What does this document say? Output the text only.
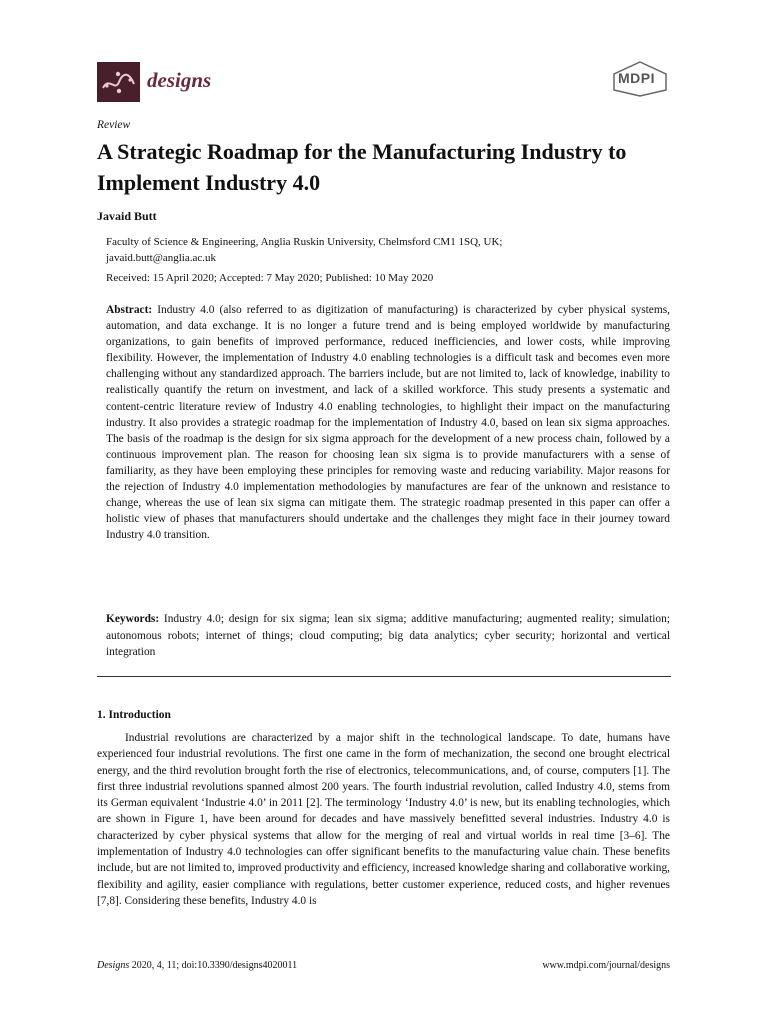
designs	MDPI
Review
A Strategic Roadmap for the Manufacturing Industry to Implement Industry 4.0
Javaid Butt
Faculty of Science & Engineering, Anglia Ruskin University, Chelmsford CM1 1SQ, UK;
javaid.butt@anglia.ac.uk
Received: 15 April 2020; Accepted: 7 May 2020; Published: 10 May 2020

Abstract: Industry 4.0 (also referred to as digitization of manufacturing) is characterized by cyber physical systems, automation, and data exchange. It is no longer a future trend and is being employed worldwide by manufacturing organizations, to gain benefits of improved performance, reduced inefficiencies, and lower costs, while improving flexibility. However, the implementation of Industry 4.0 enabling technologies is a difficult task and becomes even more challenging without any standardized approach. The barriers include, but are not limited to, lack of knowledge, inability to realistically quantify the return on investment, and lack of a skilled workforce. This study presents a systematic and content-centric literature review of Industry 4.0 enabling technologies, to highlight their impact on the manufacturing industry. It also provides a strategic roadmap for the implementation of Industry 4.0, based on lean six sigma approaches. The basis of the roadmap is the design for six sigma approach for the development of a new process chain, followed by a continuous improvement plan. The reason for choosing lean six sigma is to provide manufacturers with a sense of familiarity, as they have been employing these principles for removing waste and reducing variability. Major reasons for the rejection of Industry 4.0 implementation methodologies by manufactures are fear of the unknown and resistance to change, whereas the use of lean six sigma can mitigate them. The strategic roadmap presented in this paper can offer a holistic view of phases that manufacturers should undertake and the challenges they might face in their journey toward Industry 4.0 transition.

Keywords: Industry 4.0; design for six sigma; lean six sigma; additive manufacturing; augmented reality; simulation; autonomous robots; internet of things; cloud computing; big data analytics; cyber security; horizontal and vertical integration

1. Introduction

Industrial revolutions are characterized by a major shift in the technological landscape. To date, humans have experienced four industrial revolutions. The first one came in the form of mechanization, the second one brought electrical energy, and the third revolution brought forth the rise of electronics, telecommunications, and, of course, computers [1]. The first three industrial revolutions spanned almost 200 years. The fourth industrial revolution, called Industry 4.0, stems from its German equivalent ‘Industrie 4.0’ in 2011 [2]. The terminology ‘Industry 4.0’ is new, but its enabling technologies, which are shown in Figure 1, have been around for decades and have massively benefitted several industries. Industry 4.0 is characterized by cyber physical systems that allow for the merging of real and virtual worlds in real time [3–6]. The implementation of Industry 4.0 technologies can offer significant benefits to the manufacturing value chain. These benefits include, but are not limited to, improved productivity and efficiency, increased knowledge sharing and collaborative working, flexibility and agility, easier compliance with regulations, better customer experience, reduced costs, and higher revenues [7,8]. Considering these benefits, Industry 4.0 is

Designs 2020, 4, 11; doi:10.3390/designs4020011	www.mdpi.com/journal/designs
